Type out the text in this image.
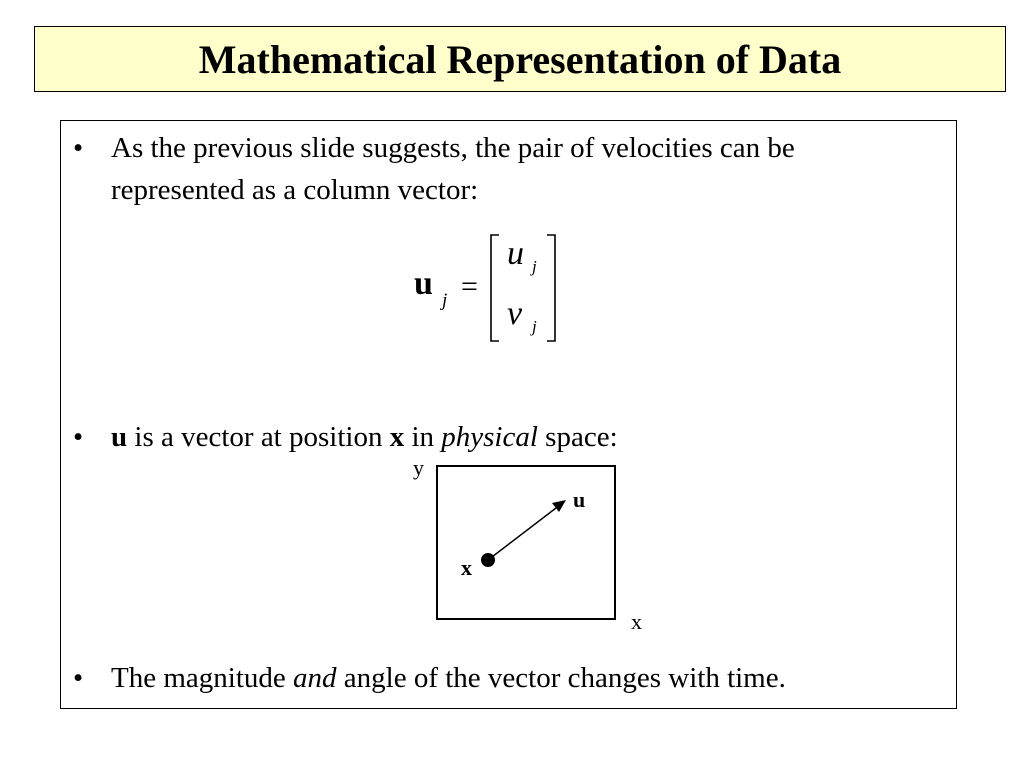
Mathematical Representation of Data
• As the previous slide suggests, the pair of velocities can be represented as a column vector:
u j =
u j
v j
• u is a vector at position x in physical space:
y
x
u
x
• The magnitude and angle of the vector changes with time.
